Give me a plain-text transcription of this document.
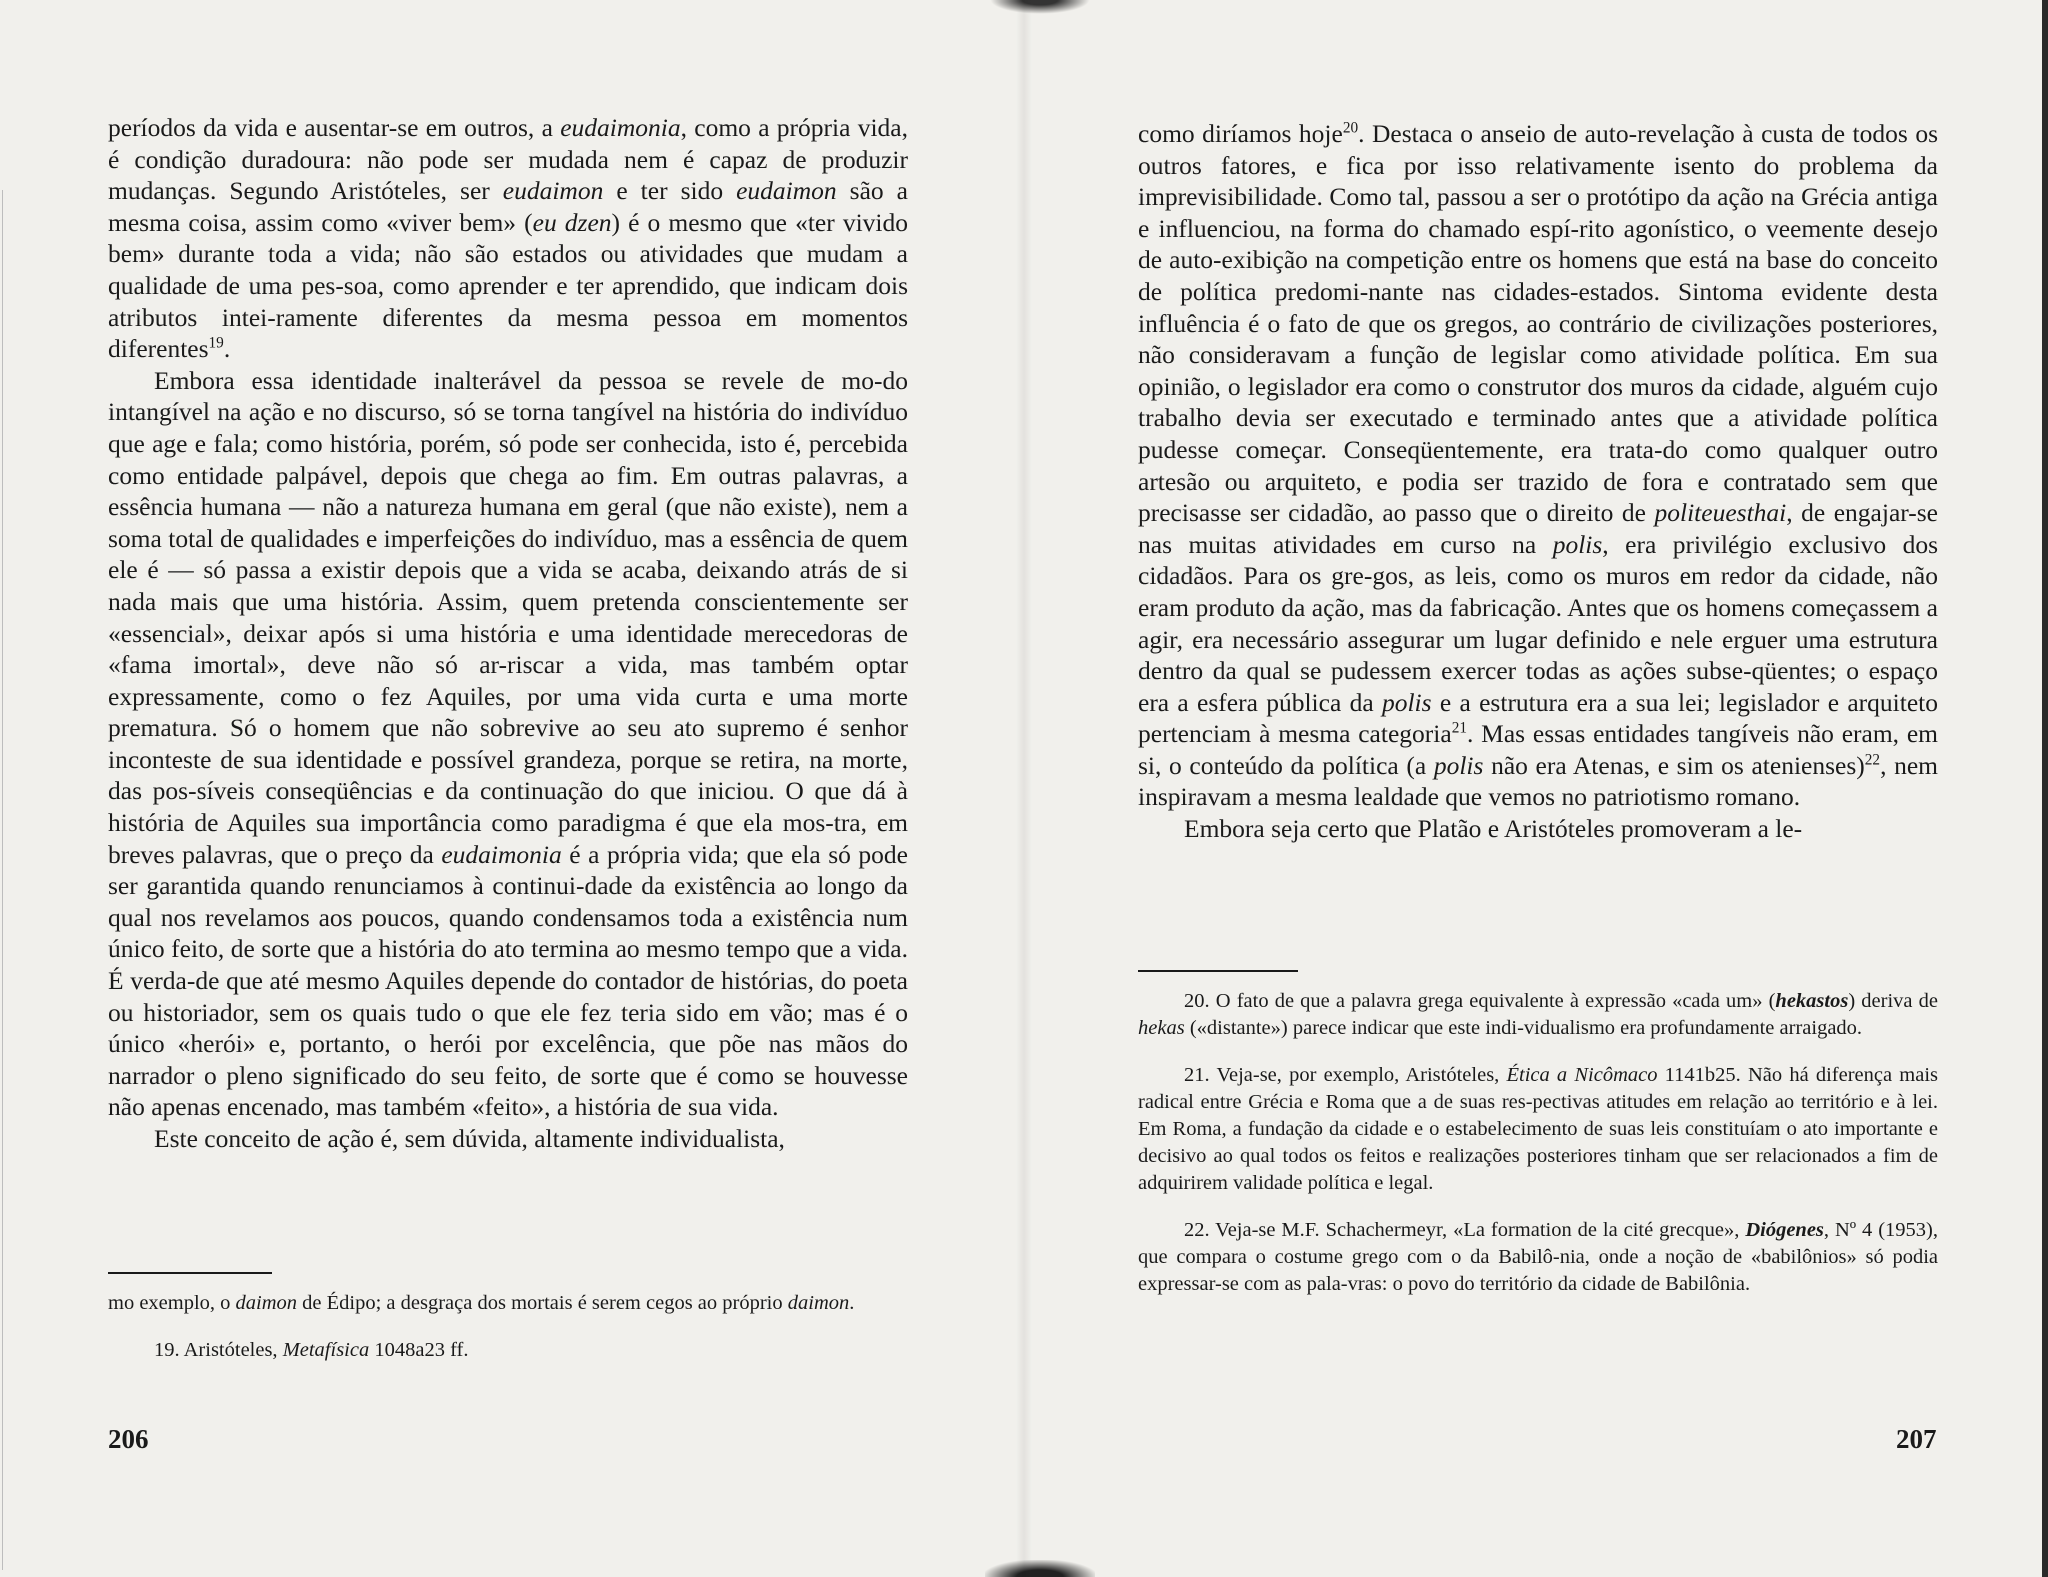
períodos da vida e ausentar-se em outros, a eudaimonia, como a própria vida, é condição duradoura: não pode ser mudada nem é capaz de produzir mudanças. Segundo Aristóteles, ser eudaimon e ter sido eudaimon são a mesma coisa, assim como «viver bem» (eu dzen) é o mesmo que «ter vivido bem» durante toda a vida; não são estados ou atividades que mudam a qualidade de uma pes-soa, como aprender e ter aprendido, que indicam dois atributos intei-ramente diferentes da mesma pessoa em momentos diferentes$^{19}$.

Embora essa identidade inalterável da pessoa se revele de mo-do intangível na ação e no discurso, só se torna tangível na história do indivíduo que age e fala; como história, porém, só pode ser conhecida, isto é, percebida como entidade palpável, depois que chega ao fim. Em outras palavras, a essência humana — não a natureza humana em geral (que não existe), nem a soma total de qualidades e imperfeições do indivíduo, mas a essência de quem ele é — só passa a existir depois que a vida se acaba, deixando atrás de si nada mais que uma história. Assim, quem pretenda conscientemente ser «essencial», deixar após si uma história e uma identidade merecedoras de «fama imortal», deve não só ar-riscar a vida, mas também optar expressamente, como o fez Aquiles, por uma vida curta e uma morte prematura. Só o homem que não sobrevive ao seu ato supremo é senhor inconteste de sua identidade e possível grandeza, porque se retira, na morte, das pos-síveis conseqüências e da continuação do que iniciou. O que dá à história de Aquiles sua importância como paradigma é que ela mos-tra, em breves palavras, que o preço da eudaimonia é a própria vida; que ela só pode ser garantida quando renunciamos à continui-dade da existência ao longo da qual nos revelamos aos poucos, quando condensamos toda a existência num único feito, de sorte que a história do ato termina ao mesmo tempo que a vida. É verda-de que até mesmo Aquiles depende do contador de histórias, do poeta ou historiador, sem os quais tudo o que ele fez teria sido em vão; mas é o único «herói» e, portanto, o herói por excelência, que põe nas mãos do narrador o pleno significado do seu feito, de sorte que é como se houvesse não apenas encenado, mas também «feito», a história de sua vida.

Este conceito de ação é, sem dúvida, altamente individualista,

mo exemplo, o daimon de Édipo; a desgraça dos mortais é serem cegos ao próprio daimon.

19. Aristóteles, Metafísica 1048a23 ff.

206

como diríamos hoje$^{20}$. Destaca o anseio de auto-revelação à custa de todos os outros fatores, e fica por isso relativamente isento do problema da imprevisibilidade. Como tal, passou a ser o protótipo da ação na Grécia antiga e influenciou, na forma do chamado espí-rito agonístico, o veemente desejo de auto-exibição na competição entre os homens que está na base do conceito de política predomi-nante nas cidades-estados. Sintoma evidente desta influência é o fato de que os gregos, ao contrário de civilizações posteriores, não consideravam a função de legislar como atividade política. Em sua opinião, o legislador era como o construtor dos muros da cidade, alguém cujo trabalho devia ser executado e terminado antes que a atividade política pudesse começar. Conseqüentemente, era trata-do como qualquer outro artesão ou arquiteto, e podia ser trazido de fora e contratado sem que precisasse ser cidadão, ao passo que o direito de politeuesthai, de engajar-se nas muitas atividades em curso na polis, era privilégio exclusivo dos cidadãos. Para os gre-gos, as leis, como os muros em redor da cidade, não eram produto da ação, mas da fabricação. Antes que os homens começassem a agir, era necessário assegurar um lugar definido e nele erguer uma estrutura dentro da qual se pudessem exercer todas as ações subse-qüentes; o espaço era a esfera pública da polis e a estrutura era a sua lei; legislador e arquiteto pertenciam à mesma categoria$^{21}$. Mas essas entidades tangíveis não eram, em si, o conteúdo da política (a polis não era Atenas, e sim os atenienses)$^{22}$, nem inspiravam a mesma lealdade que vemos no patriotismo romano.

Embora seja certo que Platão e Aristóteles promoveram a le-

20. O fato de que a palavra grega equivalente à expressão «cada um» (hekastos) deriva de hekas («distante») parece indicar que este indi-vidualismo era profundamente arraigado.

21. Veja-se, por exemplo, Aristóteles, Ética a Nicômaco 1141b25. Não há diferença mais radical entre Grécia e Roma que a de suas res-pectivas atitudes em relação ao território e à lei. Em Roma, a fundação da cidade e o estabelecimento de suas leis constituíam o ato importante e decisivo ao qual todos os feitos e realizações posteriores tinham que ser relacionados a fim de adquirirem validade política e legal.

22. Veja-se M.F. Schachermeyr, «La formation de la cité grecque», Diógenes, Nº 4 (1953), que compara o costume grego com o da Babilô-nia, onde a noção de «babilônios» só podia expressar-se com as pala-vras: o povo do território da cidade de Babilônia.

207
